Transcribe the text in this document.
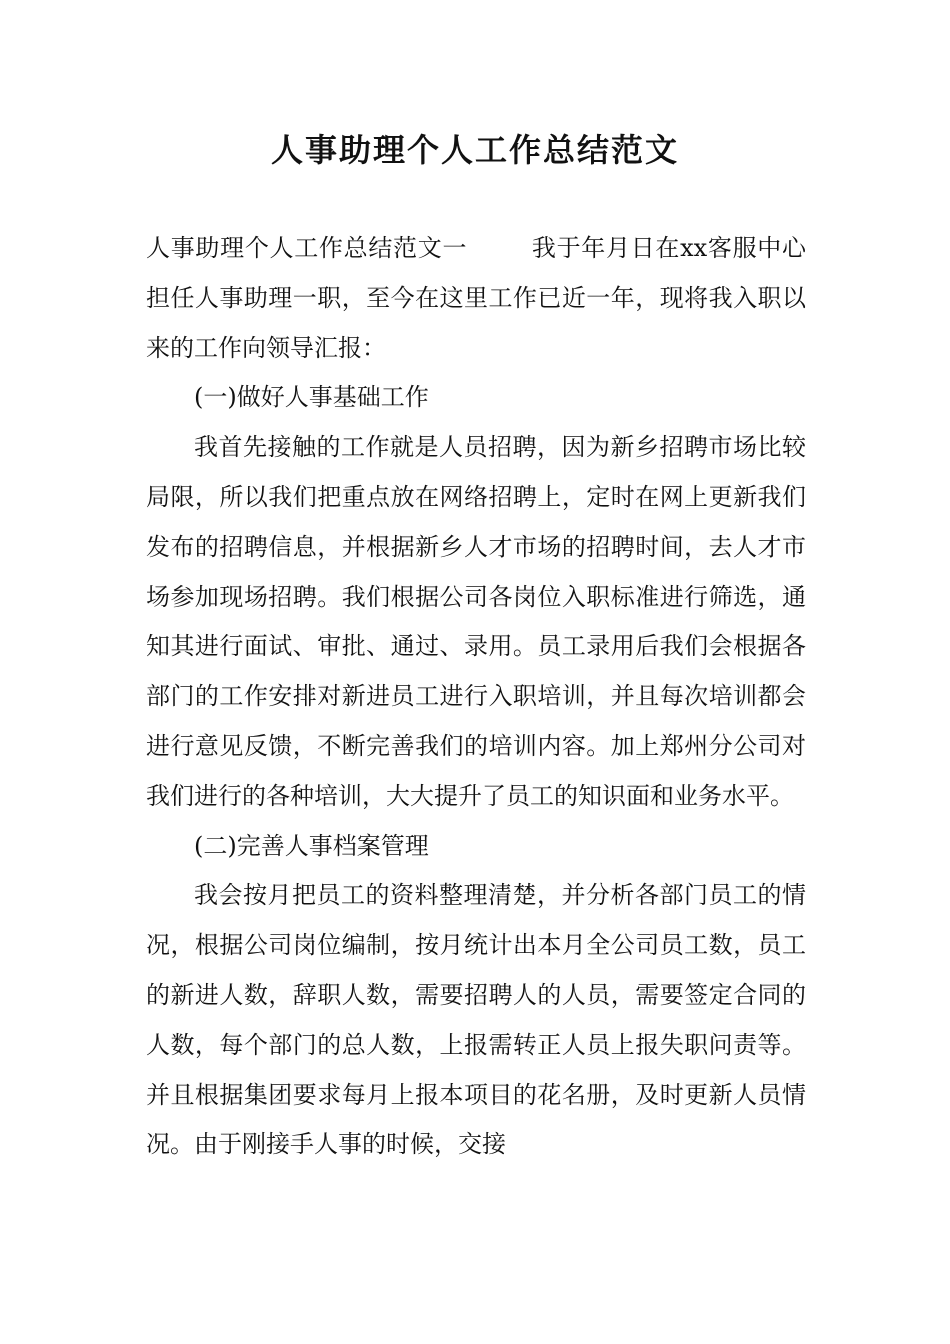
人事助理个人工作总结范文

人事助理个人工作总结范文一	我于年月日在xx客服中心担任人事助理一职，至今在这里工作已近一年，现将我入职以来的工作向领导汇报：

(一)做好人事基础工作

我首先接触的工作就是人员招聘，因为新乡招聘市场比较局限，所以我们把重点放在网络招聘上，定时在网上更新我们发布的招聘信息，并根据新乡人才市场的招聘时间，去人才市场参加现场招聘。我们根据公司各岗位入职标准进行筛选，通知其进行面试、审批、通过、录用。员工录用后我们会根据各部门的工作安排对新进员工进行入职培训，并且每次培训都会进行意见反馈，不断完善我们的培训内容。加上郑州分公司对我们进行的各种培训，大大提升了员工的知识面和业务水平。

(二)完善人事档案管理

我会按月把员工的资料整理清楚，并分析各部门员工的情况，根据公司岗位编制，按月统计出本月全公司员工数，员工的新进人数，辞职人数，需要招聘人的人员，需要签定合同的人数，每个部门的总人数，上报需转正人员上报失职问责等。并且根据集团要求每月上报本项目的花名册，及时更新人员情况。由于刚接手人事的时候，交接
